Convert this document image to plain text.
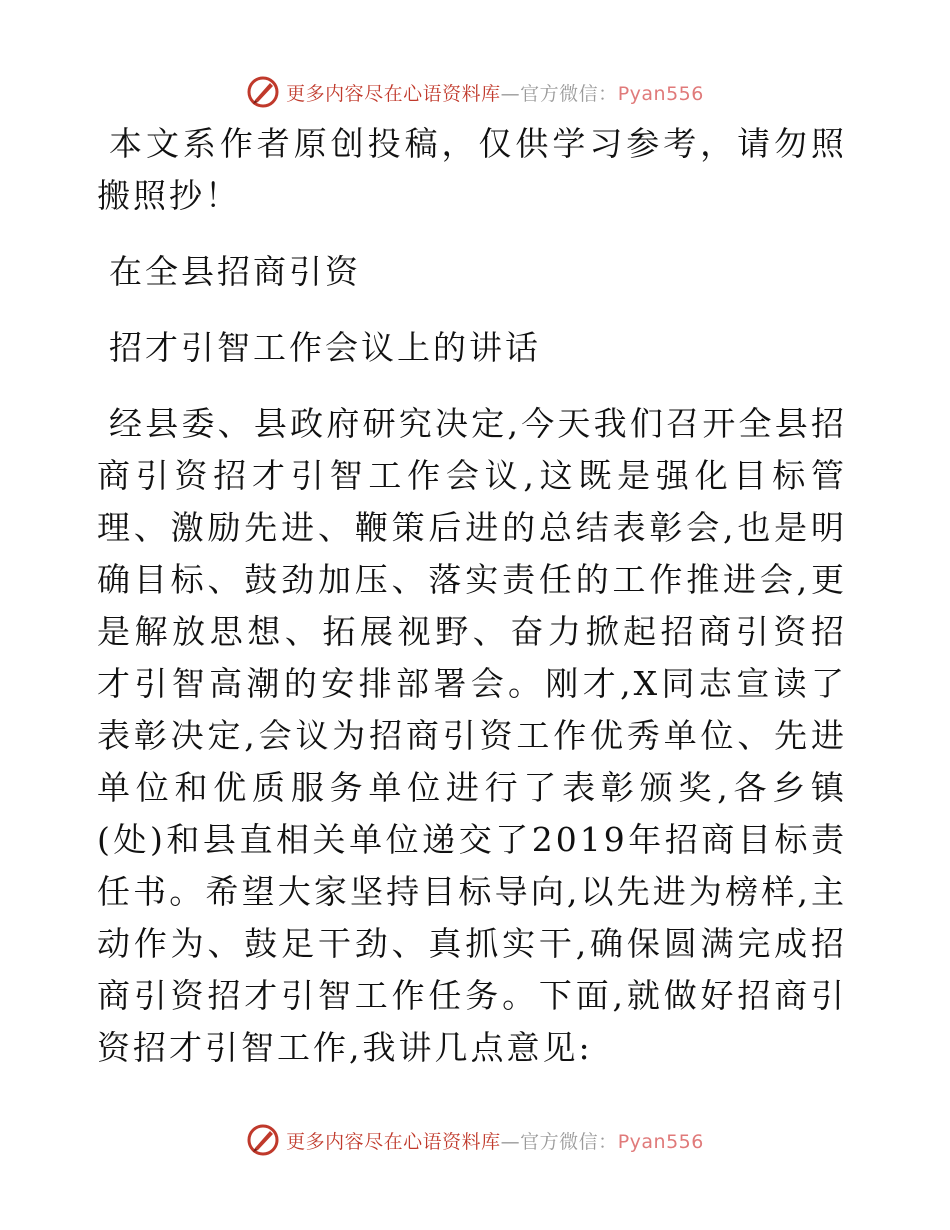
更多内容尽在心语资料库—官方微信：Pyan556

本文系作者原创投稿，仅供学习参考，请勿照搬照抄！

在全县招商引资

招才引智工作会议上的讲话

经县委、县政府研究决定,今天我们召开全县招商引资招才引智工作会议,这既是强化目标管理、激励先进、鞭策后进的总结表彰会,也是明确目标、鼓劲加压、落实责任的工作推进会,更是解放思想、拓展视野、奋力掀起招商引资招才引智高潮的安排部署会。刚才,X同志宣读了表彰决定,会议为招商引资工作优秀单位、先进单位和优质服务单位进行了表彰颁奖,各乡镇(处)和县直相关单位递交了2019年招商目标责任书。希望大家坚持目标导向,以先进为榜样,主动作为、鼓足干劲、真抓实干,确保圆满完成招商引资招才引智工作任务。下面,就做好招商引资招才引智工作,我讲几点意见:

更多内容尽在心语资料库—官方微信：Pyan556
